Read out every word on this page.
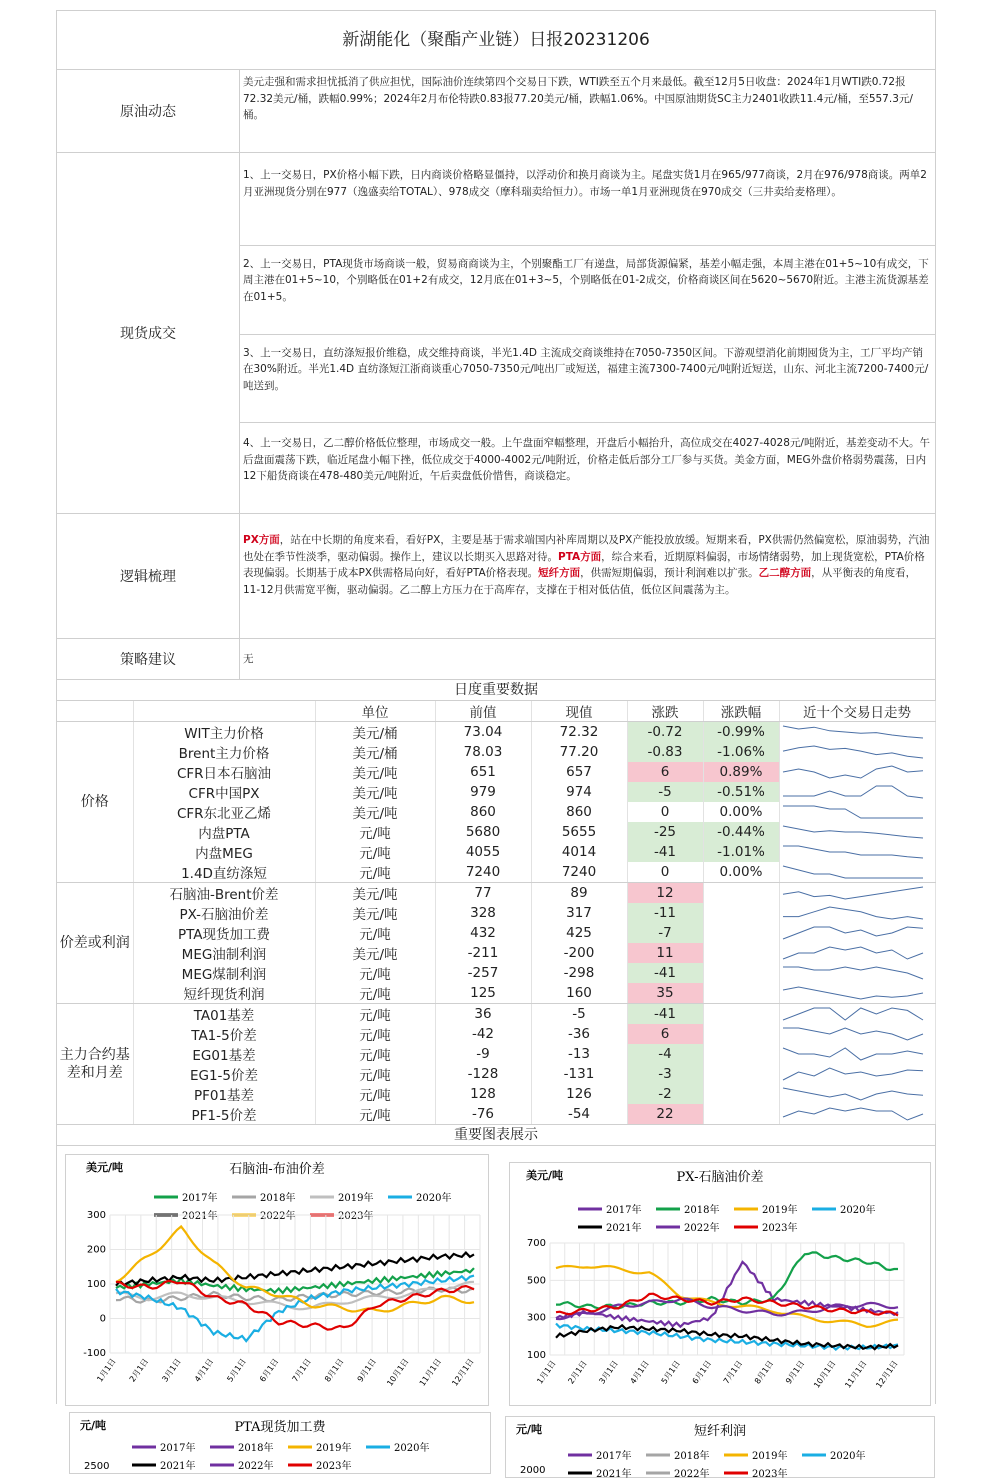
新湖能化（聚酯产业链）日报20231206
原油动态
美元走强和需求担忧抵消了供应担忧，国际油价连续第四个交易日下跌，WTI跌至五个月来最低。截至12月5日收盘：2024年1月WTI跌0.72报72.32美元/桶，跌幅0.99%；2024年2月布伦特跌0.83报77.20美元/桶，跌幅1.06%。中国原油期货SC主力2401收跌11.4元/桶，至557.3元/桶。
现货成交
1、上一交易日，PX价格小幅下跌，日内商谈价格略显僵持，以浮动价和换月商谈为主。尾盘实货1月在965/977商谈，2月在976/978商谈。两单2月亚洲现货分别在977（逸盛卖给TOTAL）、978成交（摩科瑞卖给恒力）。市场一单1月亚洲现货在970成交（三井卖给麦格理）。
2、上一交易日，PTA现货市场商谈一般，贸易商商谈为主，个别聚酯工厂有递盘，局部货源偏紧，基差小幅走强，本周主港在01+5~10有成交，下周主港在01+5~10，个别略低在01+2有成交，12月底在01+3~5，个别略低在01-2成交，价格商谈区间在5620~5670附近。主港主流货源基差在01+5。
3、上一交易日，直纺涤短报价维稳，成交维持商谈，半光1.4D 主流成交商谈维持在7050-7350区间。下游观望消化前期囤货为主，工厂平均产销在30%附近。半光1.4D 直纺涤短江浙商谈重心7050-7350元/吨出厂或短送，福建主流7300-7400元/吨附近短送，山东、河北主流7200-7400元/吨送到。
4、上一交易日，乙二醇价格低位整理，市场成交一般。上午盘面窄幅整理，开盘后小幅抬升，高位成交在4027-4028元/吨附近，基差变动不大。午后盘面震荡下跌，临近尾盘小幅下挫，低位成交于4000-4002元/吨附近，价格走低后部分工厂参与买货。美金方面，MEG外盘价格弱势震荡，日内12下船货商谈在478-480美元/吨附近，午后卖盘低价惜售，商谈稳定。
逻辑梳理
PX方面，站在中长期的角度来看，看好PX，主要是基于需求端国内补库周期以及PX产能投放放缓。短期来看，PX供需仍然偏宽松，原油弱势，汽油也处在季节性淡季，驱动偏弱。操作上，建议以长期买入思路对待。PTA方面，综合来看，近期原料偏弱，市场情绪弱势，加上现货宽松，PTA价格表现偏弱。长期基于成本PX供需格局向好，看好PTA价格表现。短纤方面，供需短期偏弱，预计利润难以扩张。乙二醇方面，从平衡表的角度看，11-12月供需宽平衡，驱动偏弱。乙二醇上方压力在于高库存，支撑在于相对低估值，低位区间震荡为主。
策略建议	无
日度重要数据
		单位	前值	现值	涨跌	涨跌幅	近十个交易日走势
价格	WIT主力价格	美元/桶	73.04	72.32	-0.72	-0.99%	

	Brent主力价格	美元/桶	78.03	77.20	-0.83	-1.06%	

	CFR日本石脑油	美元/吨	651	657	6	0.89%	

	CFR中国PX	美元/吨	979	974	-5	-0.51%	

	CFR东北亚乙烯	美元/吨	860	860	0	0.00%	

	内盘PTA	元/吨	5680	5655	-25	-0.44%	

	内盘MEG	元/吨	4055	4014	-41	-1.01%	

	1.4D直纺涤短	元/吨	7240	7240	0	0.00%	

价差或利润	石脑油-Brent价差	美元/吨	77	89	12		

	PX-石脑油价差	美元/吨	328	317	-11		

	PTA现货加工费	元/吨	432	425	-7		

	MEG油制利润	美元/吨	-211	-200	11		

	MEG煤制利润	元/吨	-257	-298	-41		

	短纤现货利润	元/吨	125	160	35		

主力合约基差和月差	TA01基差	元/吨	36	-5	-41		

	TA1-5价差	元/吨	-42	-36	6		

	EG01基差	元/吨	-9	-13	-4		

	EG1-5价差	元/吨	-128	-131	-3		

	PF01基差	元/吨	128	126	-2		

	PF1-5价差	元/吨	-76	-54	22		
重要图表展示
美元/吨	石脑油-布油价差
2017年	2018年	2019年	2020年
2021年	2022年	2023年
-100
0
100
200
300
1月1日 2月1日 3月1日 4月1日 5月1日 6月1日 7月1日 8月1日 9月1日 10月1日 11月1日 12月1日
美元/吨	PX-石脑油价差
2017年	2018年	2019年	2020年
2021年	2022年	2023年
100
300
500
700
1月1日 2月1日 3月1日 4月1日 5月1日 6月1日 7月1日 8月1日 9月1日 10月1日 11月1日 12月1日
元/吨	PTA现货加工费
2017年	2018年	2019年	2020年
2021年	2022年	2023年
2500
元/吨	短纤利润
2017年	2018年	2019年	2020年
2021年	2022年	2023年
2000
